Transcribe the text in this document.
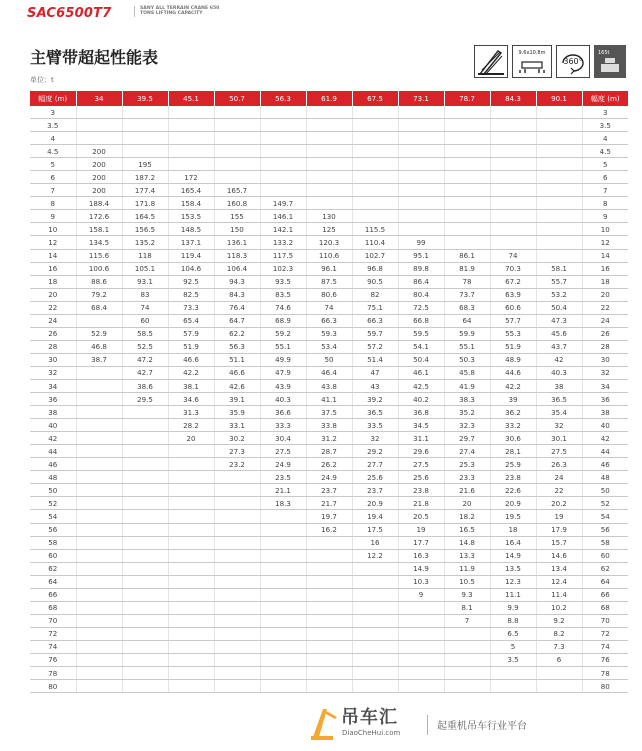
SAC6500T7	SANY ALL TERRAIN CRANE 650 TONS LIFTING CAPACITY
主臂带超起性能表
单位：t
9.6x10.8m
360°
165t
幅度 (m)	34	39.5	45.1	50.7	56.3	61.9	67.5	73.1	78.7	84.3	90.1	幅度 (m)
3												3
3.5												3.5
4												4
4.5	200											4.5
5	200	195										5
6	200	187.2	172									6
7	200	177.4	165.4	165.7								7
8	188.4	171.8	158.4	160.8	149.7							8
9	172.6	164.5	153.5	155	146.1	130						9
10	158.1	156.5	148.5	150	142.1	125	115.5					10
12	134.5	135.2	137.1	136.1	133.2	120.3	110.4	99				12
14	115.6	118	119.4	118.3	117.5	110.6	102.7	95.1	86.1	74		14
16	100.6	105.1	104.6	106.4	102.3	96.1	96.8	89.8	81.9	70.3	58.1	16
18	88.6	93.1	92.5	94.3	93.5	87.5	90.5	86.4	78	67.2	55.7	18
20	79.2	83	82.5	84.3	83.5	80.6	82	80.4	73.7	63.9	53.2	20
22	68.4	74	73.3	76.4	74.6	74	75.1	72.5	68.3	60.6	50.4	22
24		60	65.4	64.7	68.9	66.3	66.3	66.8	64	57.7	47.3	24
26	52.9	58.5	57.9	62.2	59.2	59.3	59.7	59.5	59.9	55.3	45.6	26
28	46.8	52.5	51.9	56.3	55.1	53.4	57.2	54.1	55.1	51.9	43.7	28
30	38.7	47.2	46.6	51.1	49.9	50	51.4	50.4	50.3	48.9	42	30
32		42.7	42.2	46.6	47.9	46.4	47	46.1	45.8	44.6	40.3	32
34		38.6	38.1	42.6	43.9	43.8	43	42.5	41.9	42.2	38	34
36		29.5	34.6	39.1	40.3	41.1	39.2	40.2	38.3	39	36.5	36
38			31.3	35.9	36.6	37.5	36.5	36.8	35.2	36.2	35.4	38
40			28.2	33.1	33.3	33.8	33.5	34.5	32.3	33.2	32	40
42			20	30.2	30.4	31.2	32	31.1	29.7	30.6	30.1	42
44				27.3	27.5	28.7	29.2	29.6	27.4	28.1	27.5	44
46				23.2	24.9	26.2	27.7	27.5	25.3	25.9	26.3	46
48					23.5	24.9	25.6	25.6	23.3	23.8	24	48
50					21.1	23.7	23.7	23.8	21.6	22.6	22	50
52					18.3	21.7	20.9	21.8	20	20.9	20.2	52
54						19.7	19.4	20.5	18.2	19.5	19	54
56						16.2	17.5	19	16.5	18	17.9	56
58							16	17.7	14.8	16.4	15.7	58
60							12.2	16.3	13.3	14.9	14.6	60
62								14.9	11.9	13.5	13.4	62
64								10.3	10.5	12.3	12.4	64
66								9	9.3	11.1	11.4	66
68									8.1	9.9	10.2	68
70									7	8.8	9.2	70
72										6.5	8.2	72
74										5	7.3	74
76										3.5	6	76
78												78
80												80
吊车汇
DiaoCheHui.com
起重机吊车行业平台
